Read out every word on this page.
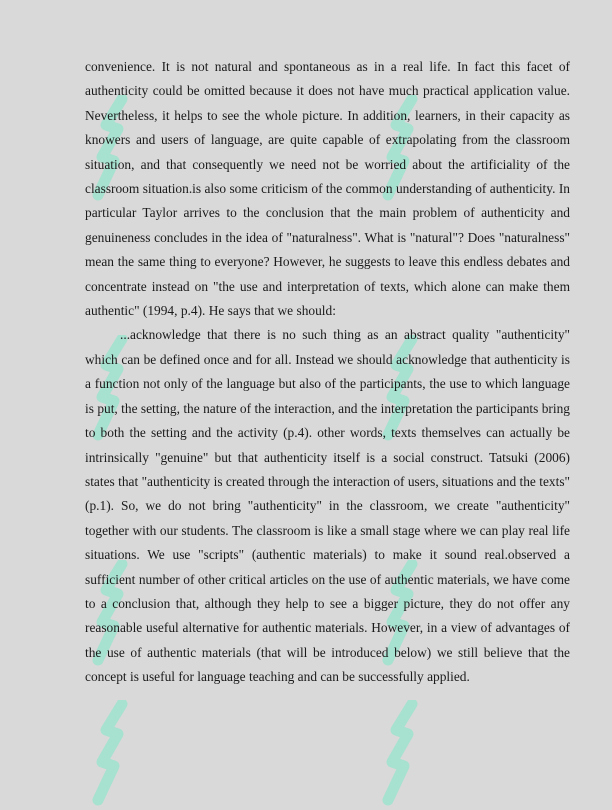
convenience. It is not natural and spontaneous as in a real life. In fact this facet of authenticity could be omitted because it does not have much practical application value. Nevertheless, it helps to see the whole picture. In addition, learners, in their capacity as knowers and users of language, are quite capable of extrapolating from the classroom situation, and that consequently we need not be worried about the artificiality of the classroom situation.is also some criticism of the common understanding of authenticity. In particular Taylor arrives to the conclusion that the main problem of authenticity and genuineness concludes in the idea of "naturalness". What is "natural"? Does "naturalness" mean the same thing to everyone? However, he suggests to leave this endless debates and concentrate instead on "the use and interpretation of texts, which alone can make them authentic" (1994, p.4). He says that we should:

...acknowledge that there is no such thing as an abstract quality "authenticity" which can be defined once and for all. Instead we should acknowledge that authenticity is a function not only of the language but also of the participants, the use to which language is put, the setting, the nature of the interaction, and the interpretation the participants bring to both the setting and the activity (p.4). other words, texts themselves can actually be intrinsically "genuine" but that authenticity itself is a social construct. Tatsuki (2006) states that "authenticity is created through the interaction of users, situations and the texts" (p.1). So, we do not bring "authenticity" in the classroom, we create "authenticity" together with our students. The classroom is like a small stage where we can play real life situations. We use "scripts" (authentic materials) to make it sound real.observed a sufficient number of other critical articles on the use of authentic materials, we have come to a conclusion that, although they help to see a bigger picture, they do not offer any reasonable useful alternative for authentic materials. However, in a view of advantages of the use of authentic materials (that will be introduced below) we still believe that the concept is useful for language teaching and can be successfully applied.
